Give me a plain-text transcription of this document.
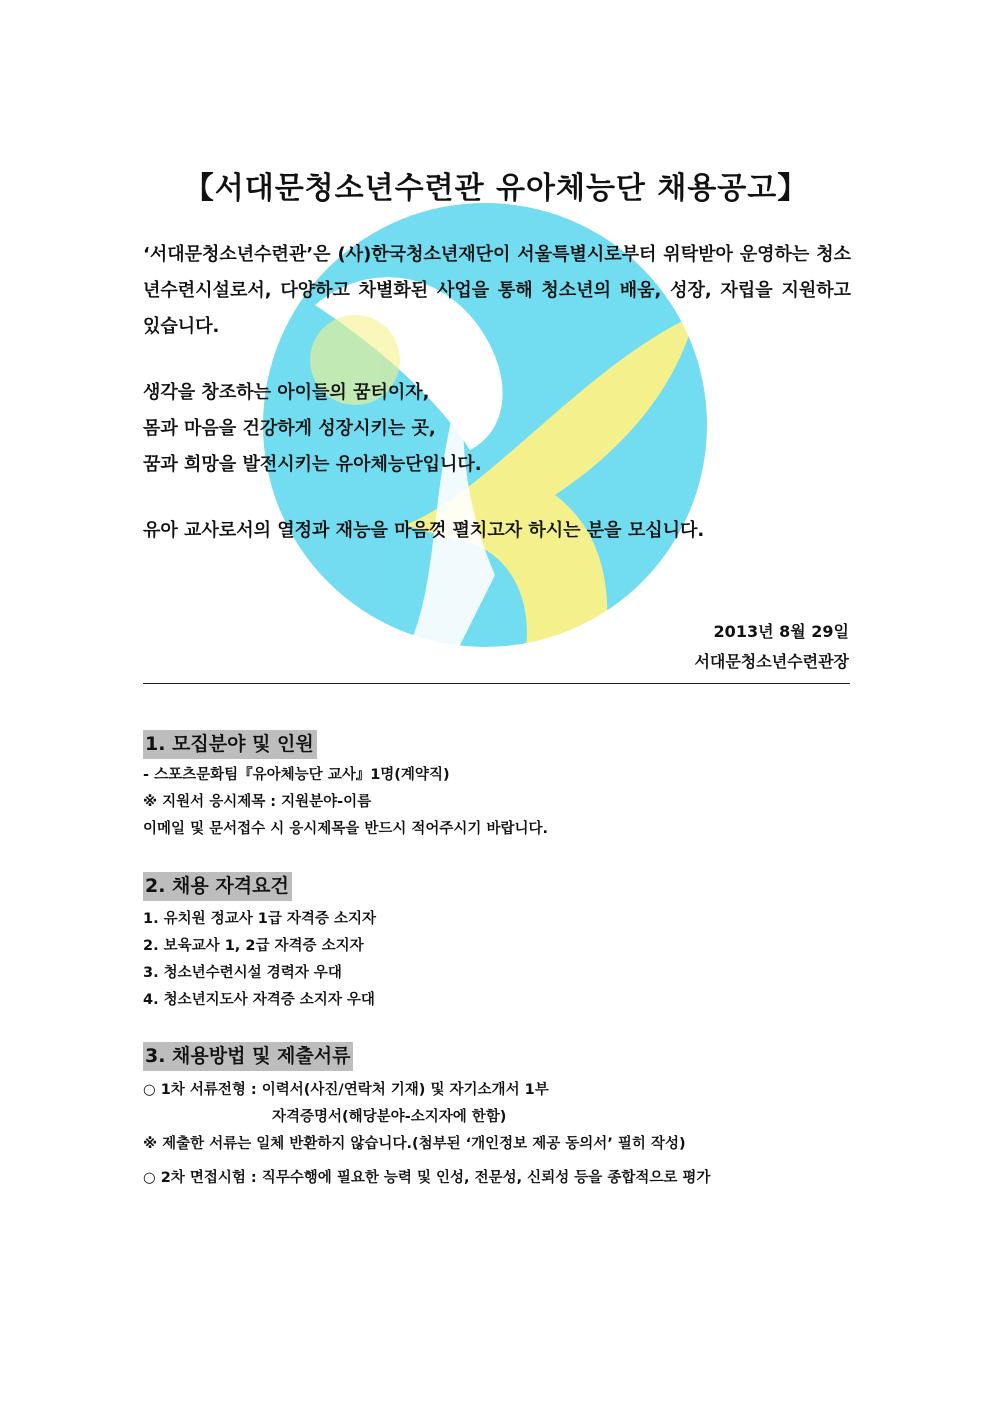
【서대문청소년수련관 유아체능단 채용공고】
‘서대문청소년수련관’은 (사)한국청소년재단이 서울특별시로부터 위탁받아 운영하는 청소년수련시설로서, 다양하고 차별화된 사업을 통해 청소년의 배움, 성장, 자립을 지원하고 있습니다.
생각을 창조하는 아이들의 꿈터이자,
몸과 마음을 건강하게 성장시키는 곳,
꿈과 희망을 발전시키는 유아체능단입니다.
유아 교사로서의 열정과 재능을 마음껏 펼치고자 하시는 분을 모십니다.
2013년 8월 29일
서대문청소년수련관장
1. 모집분야 및 인원
- 스포츠문화팀『유아체능단 교사』1명(계약직)
※ 지원서 응시제목 : 지원분야-이름
이메일 및 문서접수 시 응시제목을 반드시 적어주시기 바랍니다.
2. 채용 자격요건
1. 유치원 정교사 1급 자격증 소지자
2. 보육교사 1, 2급 자격증 소지자
3. 청소년수련시설 경력자 우대
4. 청소년지도사 자격증 소지자 우대
3. 채용방법 및 제출서류
○ 1차 서류전형 : 이력서(사진/연락처 기재) 및 자기소개서 1부
자격증명서(해당분야-소지자에 한함)
※ 제출한 서류는 일체 반환하지 않습니다.(첨부된 ‘개인정보 제공 동의서’ 필히 작성)
○ 2차 면접시험 : 직무수행에 필요한 능력 및 인성, 전문성, 신뢰성 등을 종합적으로 평가
